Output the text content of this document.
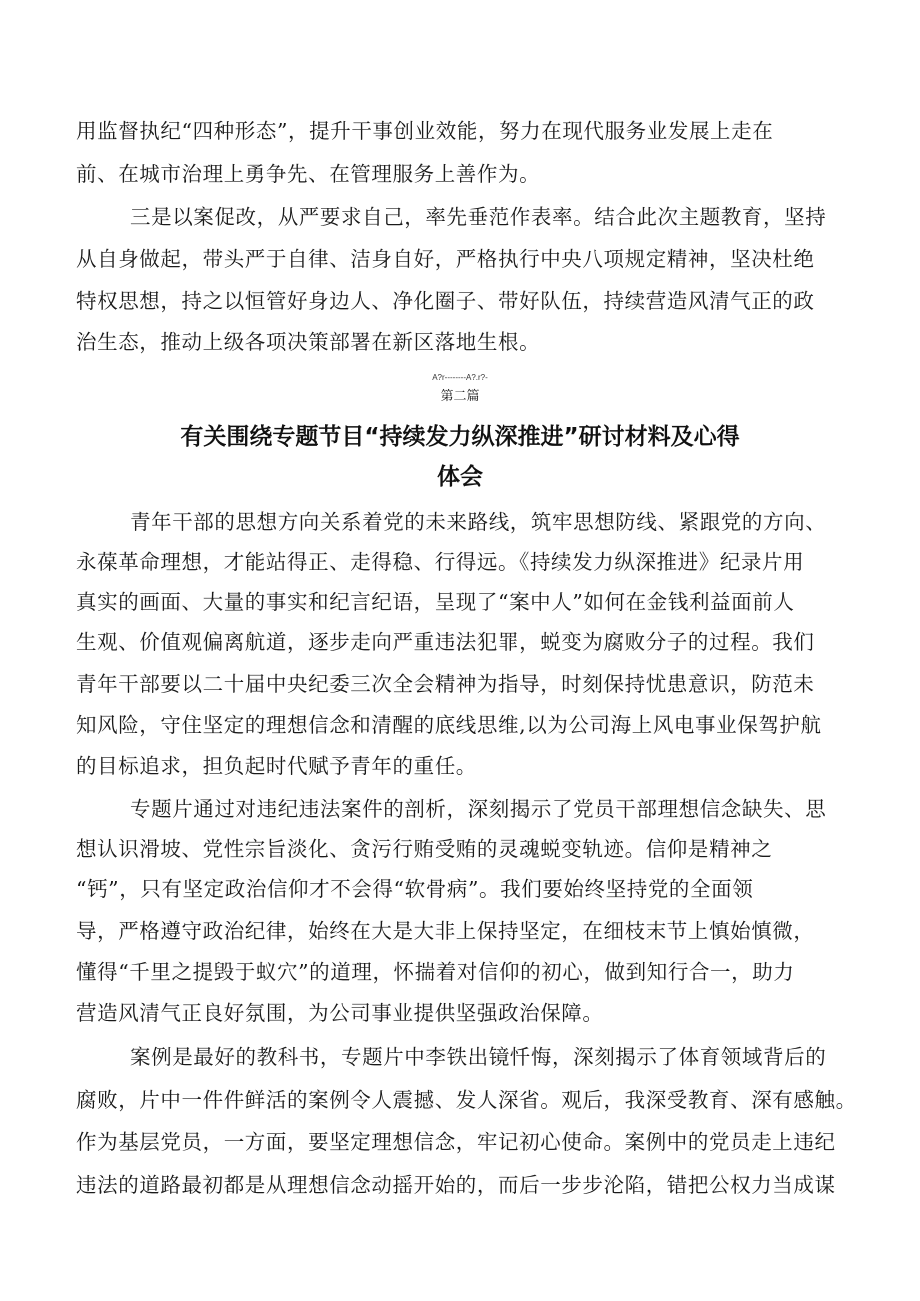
用监督执纪“四种形态”，提升干事创业效能，努力在现代服务业发展上走在
前、在城市治理上勇争先、在管理服务上善作为。
三是以案促改，从严要求自己，率先垂范作表率。结合此次主题教育，坚持
从自身做起，带头严于自律、洁身自好，严格执行中央八项规定精神，坚决杜绝
特权思想，持之以恒管好身边人、净化圈子、带好队伍，持续营造风清气正的政
治生态，推动上级各项决策部署在新区落地生根。
A?r--------A?.r?-
第二篇
有关围绕专题节目“持续发力纵深推进”研讨材料及心得
体会
青年干部的思想方向关系着党的未来路线，筑牢思想防线、紧跟党的方向、
永葆革命理想，才能站得正、走得稳、行得远。《持续发力纵深推进》纪录片用
真实的画面、大量的事实和纪言纪语，呈现了“案中人”如何在金钱利益面前人
生观、价值观偏离航道，逐步走向严重违法犯罪，蜕变为腐败分子的过程。我们
青年干部要以二十届中央纪委三次全会精神为指导，时刻保持忧患意识，防范未
知风险，守住坚定的理想信念和清醒的底线思维,以为公司海上风电事业保驾护航
的目标追求，担负起时代赋予青年的重任。
专题片通过对违纪违法案件的剖析，深刻揭示了党员干部理想信念缺失、思
想认识滑坡、党性宗旨淡化、贪污行贿受贿的灵魂蜕变轨迹。信仰是精神之
“钙”，只有坚定政治信仰才不会得“软骨病”。我们要始终坚持党的全面领
导，严格遵守政治纪律，始终在大是大非上保持坚定，在细枝末节上慎始慎微，
懂得“千里之提毁于蚁穴”的道理，怀揣着对信仰的初心，做到知行合一，助力
营造风清气正良好氛围，为公司事业提供坚强政治保障。
案例是最好的教科书，专题片中李铁出镜忏悔，深刻揭示了体育领域背后的
腐败，片中一件件鲜活的案例令人震撼、发人深省。观后，我深受教育、深有感触。
作为基层党员，一方面，要坚定理想信念，牢记初心使命。案例中的党员走上违纪
违法的道路最初都是从理想信念动摇开始的，而后一步步沦陷，错把公权力当成谋
